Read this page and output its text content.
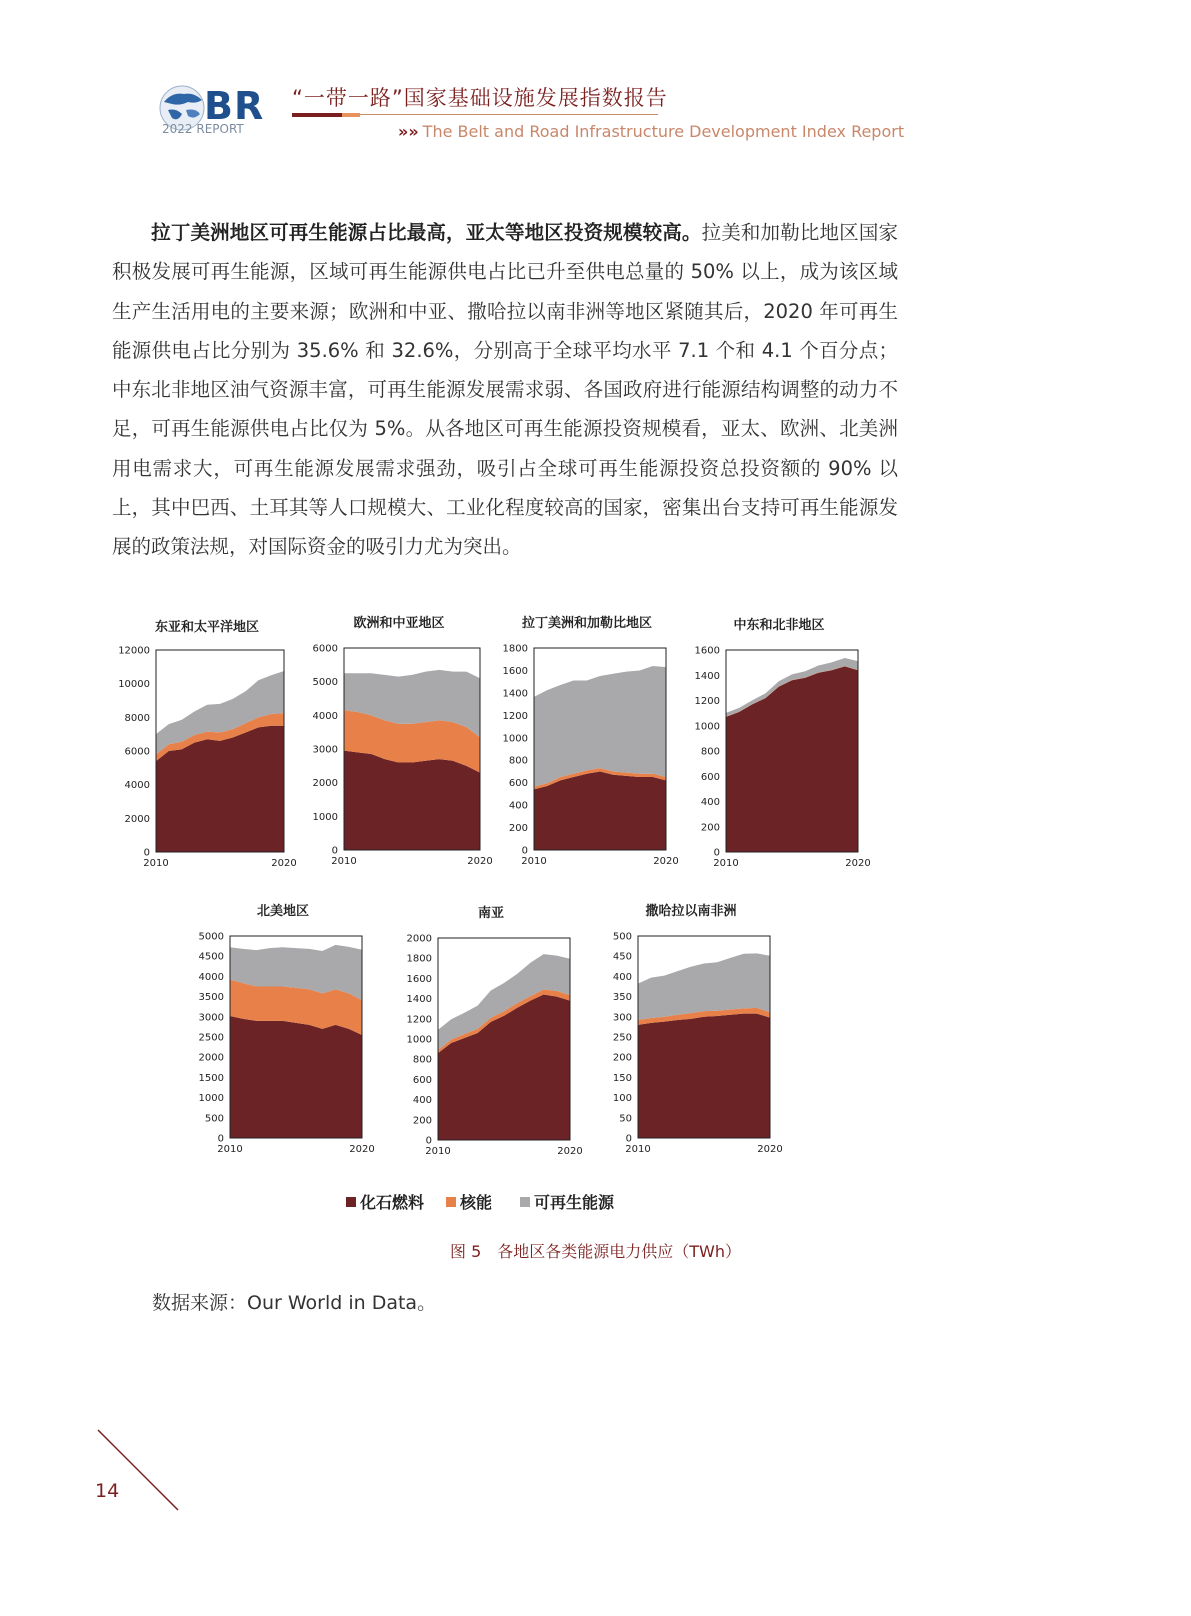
BR
2022 REPORT
“一带一路”国家基础设施发展指数报告
»» The Belt and Road Infrastructure Development Index Report
拉丁美洲地区可再生能源占比最高，亚太等地区投资规模较高。拉美和加勒比地区国家积极发展可再生能源，区域可再生能源供电占比已升至供电总量的 50% 以上，成为该区域生产生活用电的主要来源；欧洲和中亚、撒哈拉以南非洲等地区紧随其后，2020 年可再生能源供电占比分别为 35.6% 和 32.6%，分别高于全球平均水平 7.1 个和 4.1 个百分点；中东北非地区油气资源丰富，可再生能源发展需求弱、各国政府进行能源结构调整的动力不足，可再生能源供电占比仅为 5%。从各地区可再生能源投资规模看，亚太、欧洲、北美洲用电需求大，可再生能源发展需求强劲，吸引占全球可再生能源投资总投资额的 90% 以上，其中巴西、土耳其等人口规模大、工业化程度较高的国家，密集出台支持可再生能源发展的政策法规，对国际资金的吸引力尤为突出。
东亚和太平洋地区
0
2000
4000
6000
8000
10000
12000
2010	2020
欧洲和中亚地区
0
1000
2000
3000
4000
5000
6000
2010	2020
拉丁美洲和加勒比地区
0
200
400
600
800
1000
1200
1400
1600
1800
2010	2020
中东和北非地区
0
200
400
600
800
1000
1200
1400
1600
2010	2020
北美地区
0
500
1000
1500
2000
2500
3000
3500
4000
4500
5000
2010	2020
南亚
0
200
400
600
800
1000
1200
1400
1600
1800
2000
2010	2020
撒哈拉以南非洲
0
50
100
150
200
250
300
350
400
450
500
2010	2020
化石燃料	核能	可再生能源
图 5　各地区各类能源电力供应（TWh）
数据来源：Our World in Data。
14
